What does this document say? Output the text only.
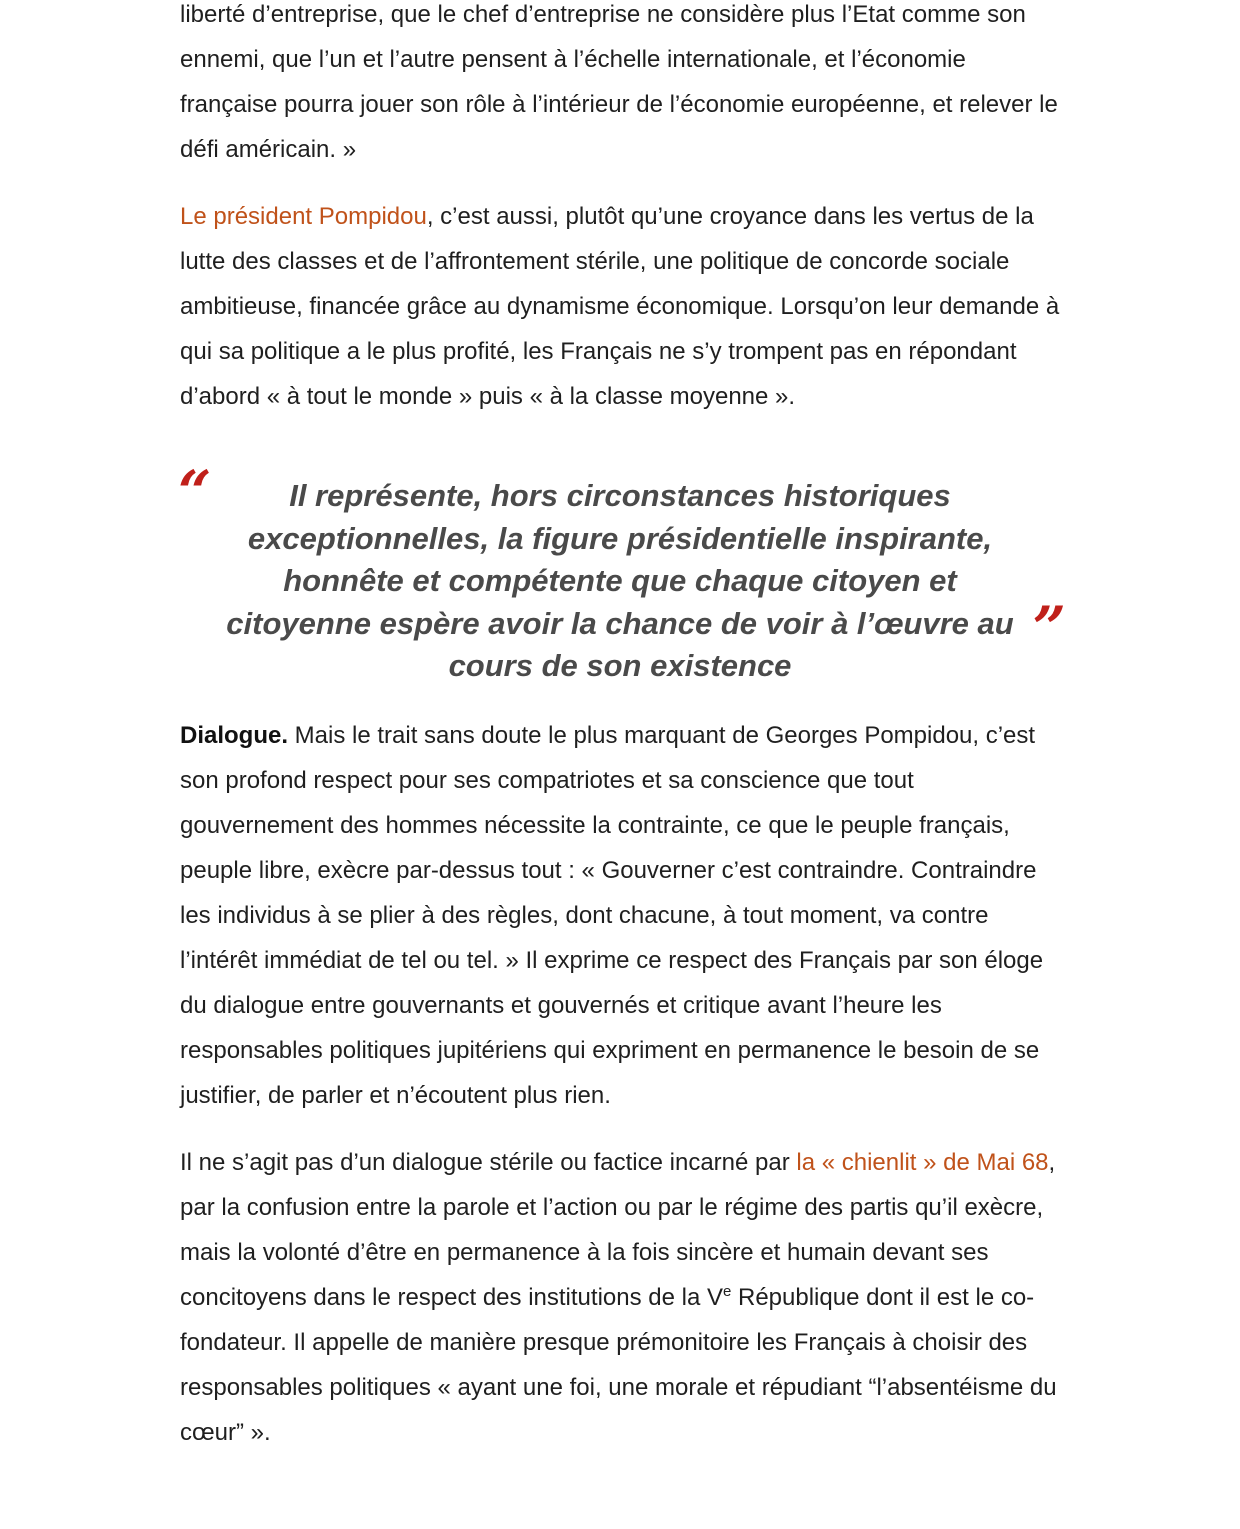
liberté d’entreprise, que le chef d’entreprise ne considère plus l’Etat comme son ennemi, que l’un et l’autre pensent à l’échelle internationale, et l’économie française pourra jouer son rôle à l’intérieur de l’économie européenne, et relever le défi américain. »

Le président Pompidou, c’est aussi, plutôt qu’une croyance dans les vertus de la lutte des classes et de l’affrontement stérile, une politique de concorde sociale ambitieuse, financée grâce au dynamisme économique. Lorsqu’on leur demande à qui sa politique a le plus profité, les Français ne s’y trompent pas en répondant d’abord « à tout le monde » puis « à la classe moyenne ».

“	Il représente, hors circonstances historiques exceptionnelles, la figure présidentielle inspirante, honnête et compétente que chaque citoyen et citoyenne espère avoir la chance de voir à l’œuvre au cours de son existence

”

Dialogue. Mais le trait sans doute le plus marquant de Georges Pompidou, c’est son profond respect pour ses compatriotes et sa conscience que tout gouvernement des hommes nécessite la contrainte, ce que le peuple français, peuple libre, exècre par-dessus tout : « Gouverner c’est contraindre. Contraindre les individus à se plier à des règles, dont chacune, à tout moment, va contre l’intérêt immédiat de tel ou tel. » Il exprime ce respect des Français par son éloge du dialogue entre gouvernants et gouvernés et critique avant l’heure les responsables politiques jupitériens qui expriment en permanence le besoin de se justifier, de parler et n’écoutent plus rien.

Il ne s’agit pas d’un dialogue stérile ou factice incarné par la « chienlit » de Mai 68, par la confusion entre la parole et l’action ou par le régime des partis qu’il exècre, mais la volonté d’être en permanence à la fois sincère et humain devant ses concitoyens dans le respect des institutions de la Ve République dont il est le co-fondateur. Il appelle de manière presque prémonitoire les Français à choisir des responsables politiques « ayant une foi, une morale et répudiant “l’absentéisme du cœur” ».
